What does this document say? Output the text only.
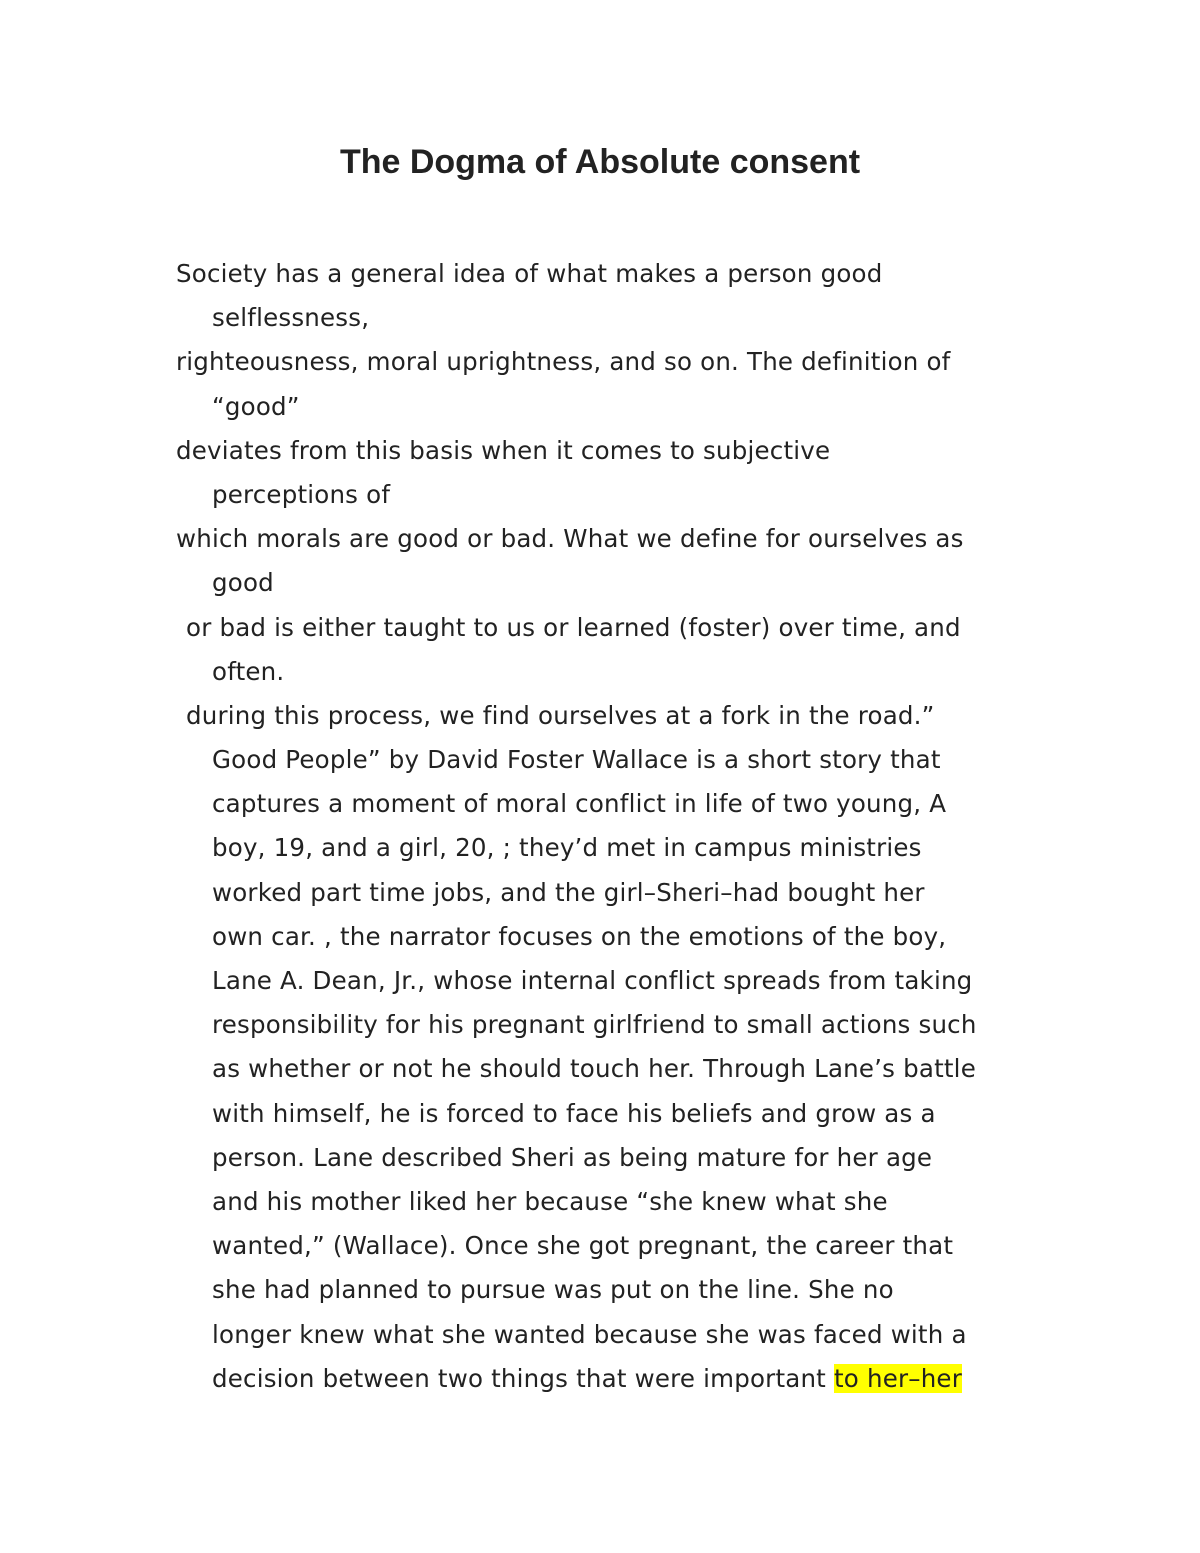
The Dogma of Absolute consent
Society has a general idea of what makes a person good
selflessness,
righteousness, moral uprightness, and so on. The definition of
“good”
deviates from this basis when it comes to subjective
perceptions of
which morals are good or bad. What we define for ourselves as
good
or bad is either taught to us or learned (foster) over time, and
often.
during this process, we find ourselves at a fork in the road.”
Good People” by David Foster Wallace is a short story that
captures a moment of moral conflict in life of two young, A
boy, 19, and a girl, 20, ; they’d met in campus ministries
worked part time jobs, and the girl–Sheri–had bought her
own car. , the narrator focuses on the emotions of the boy,
Lane A. Dean, Jr., whose internal conflict spreads from taking
responsibility for his pregnant girlfriend to small actions such
as whether or not he should touch her. Through Lane’s battle
with himself, he is forced to face his beliefs and grow as a
person. Lane described Sheri as being mature for her age
and his mother liked her because “she knew what she
wanted,” (Wallace). Once she got pregnant, the career that
she had planned to pursue was put on the line. She no
longer knew what she wanted because she was faced with a
decision between two things that were important to her–her
